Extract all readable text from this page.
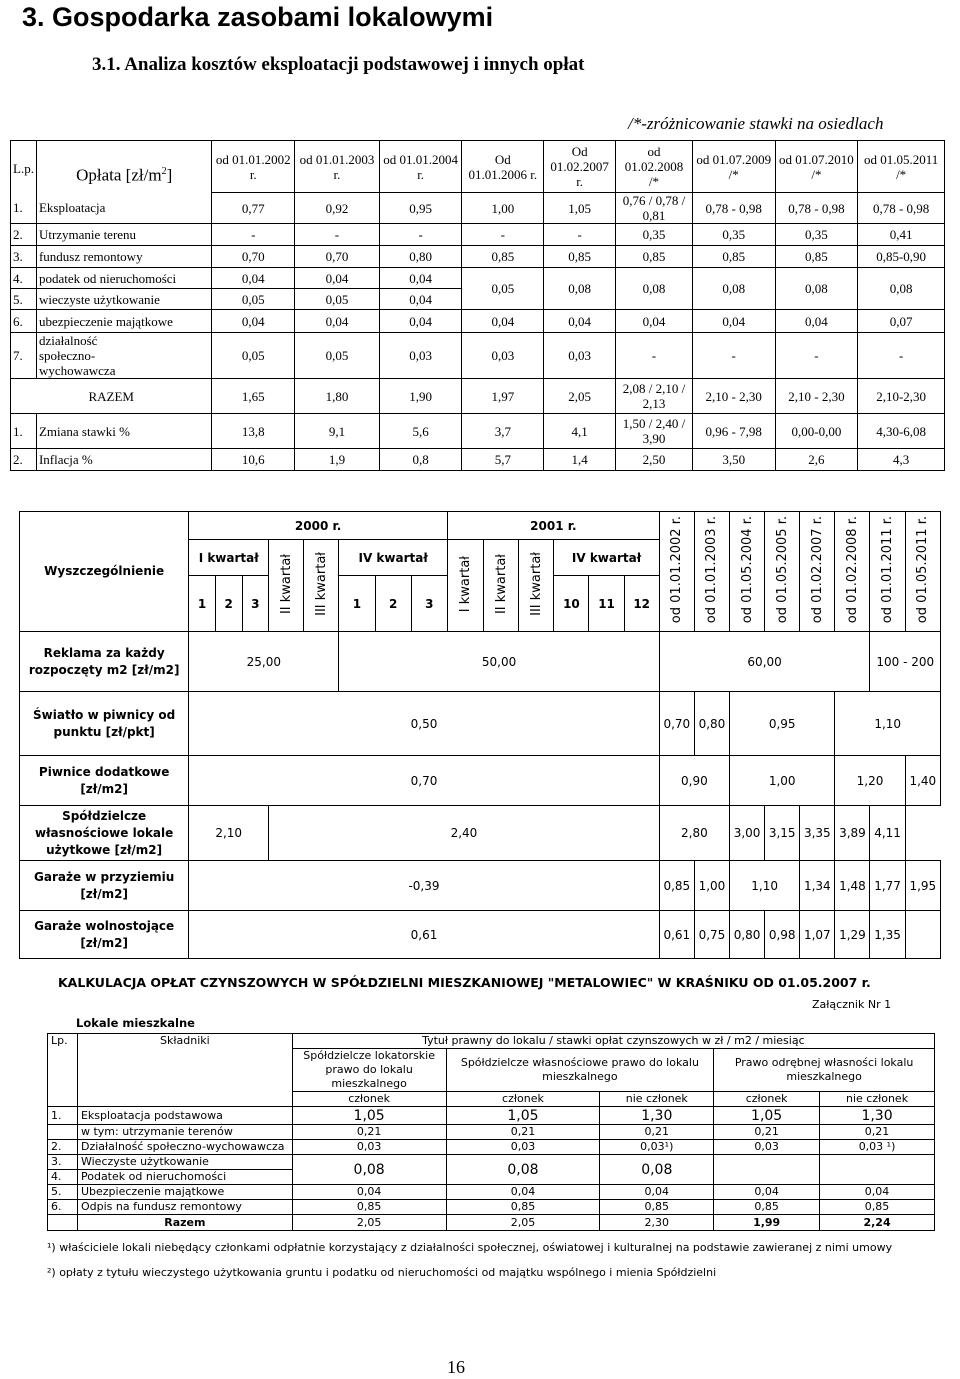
3. Gospodarka zasobami lokalowymi
3.1. Analiza kosztów eksploatacji podstawowej i innych opłat
/*-zróżnicowanie stawki na osiedlach
L.p.	Opłata $[zł/m^2]$	od 01.01.2002 r.	od 01.01.2003 r.	od 01.01.2004 r.	Od 01.01.2006 r.	Od 01.02.2007 r.	od 01.02.2008 /*	od 01.07.2009 /*	od 01.07.2010 /*	od 01.05.2011 /*
1.	Eksploatacja	0,77	0,92	0,95	1,00	1,05	0,76 / 0,78 / 0,81	0,78 - 0,98	0,78 - 0,98	0,78 - 0,98
2.	Utrzymanie terenu	-	-	-	-	-	0,35	0,35	0,35	0,41
3.	fundusz remontowy	0,70	0,70	0,80	0,85	0,85	0,85	0,85	0,85	0,85-0,90
4.	podatek od nieruchomości	0,04	0,04	0,04	0,05	0,08	0,08	0,08	0,08	0,08
5.	wieczyste użytkowanie	0,05	0,05	0,04						
6.	ubezpieczenie majątkowe	0,04	0,04	0,04	0,04	0,04	0,04	0,04	0,04	0,07
7.	działalność społeczno-wychowawcza	0,05	0,05	0,03	0,03	0,03	-	-	-	-
RAZEM		1,65	1,80	1,90	1,97	2,05	2,08 / 2,10 / 2,13	2,10 - 2,30	2,10 - 2,30	2,10-2,30
1.	Zmiana stawki %	13,8	9,1	5,6	3,7	4,1	1,50 / 2,40 / 3,90	0,96 - 7,98	0,00-0,00	4,30-6,08
2.	Inflacja %	10,6	1,9	0,8	5,7	1,4	2,50	3,50	2,6	4,3
Wyszczególnienie	2000 r.								2001 r.						od 01.01.2002 r.	od 01.01.2003 r.	od 01.05.2004 r.	od 01.05.2005 r.	od 01.02.2007 r.	od 01.02.2008 r.	od 01.01.2011 r.	od 01.05.2011 r.
	I kwartał			II kwartał	III kwartał	IV kwartał			I kwartał	II kwartał	III kwartał	IV kwartał										
	1	2	3			1	2	3				10	11	12								
Reklama za każdy rozpoczęty m2 [zł/m2]	25,00					50,00									60,00						100 - 200	
Światło w piwnicy od punktu [zł/pkt]	0,50														0,70	0,80	0,95			1,10		
Piwnice dodatkowe [zł/m2]	0,70														0,90		1,00			1,20		1,40
Spółdzielcze własnościowe lokale użytkowe [zł/m2]	2,10			2,40											2,80		3,00	3,15	3,35	3,89	4,11	
Garaże w przyziemiu [zł/m2]	-0,39														0,85	1,00	1,10		1,34	1,48	1,77	1,95
Garaże wolnostojące [zł/m2]	0,61														0,61	0,75	0,80	0,98	1,07	1,29	1,35	
KALKULACJA OPŁAT CZYNSZOWYCH W SPÓŁDZIELNI MIESZKANIOWEJ "METALOWIEC" W KRAŚNIKU OD 01.05.2007 r.
Załącznik Nr 1
Lokale mieszkalne
Lp.	Składniki	Tytuł prawny do lokalu / stawki opłat czynszowych w zł / m2 / miesiąc				
		Spółdzielcze lokatorskie prawo do lokalu mieszkalnego	Spółdzielcze własnościowe prawo do lokalu mieszkalnego		Prawo odrębnej własności lokalu mieszkalnego	
		członek	członek	nie członek	członek	nie członek
1.	Eksploatacja podstawowa	1,05	1,05	1,30	1,05	1,30
	w tym: utrzymanie terenów	0,21	0,21	0,21	0,21	0,21
2.	Działalność społeczno-wychowawcza	0,03	0,03	0,03¹)	0,03	0,03 ¹)
3.	Wieczyste użytkowanie	0,08	0,08	0,08		
4.	Podatek od nieruchomości					
5.	Ubezpieczenie majątkowe	0,04	0,04	0,04	0,04	0,04
6.	Odpis na fundusz remontowy	0,85	0,85	0,85	0,85	0,85
	Razem	2,05	2,05	2,30	1,99	2,24
¹) właściciele lokali niebędący członkami odpłatnie korzystający z działalności społecznej, oświatowej i kulturalnej na podstawie zawieranej z nimi umowy
²) opłaty z tytułu wieczystego użytkowania gruntu i podatku od nieruchomości od majątku wspólnego i mienia Spółdzielni
16
